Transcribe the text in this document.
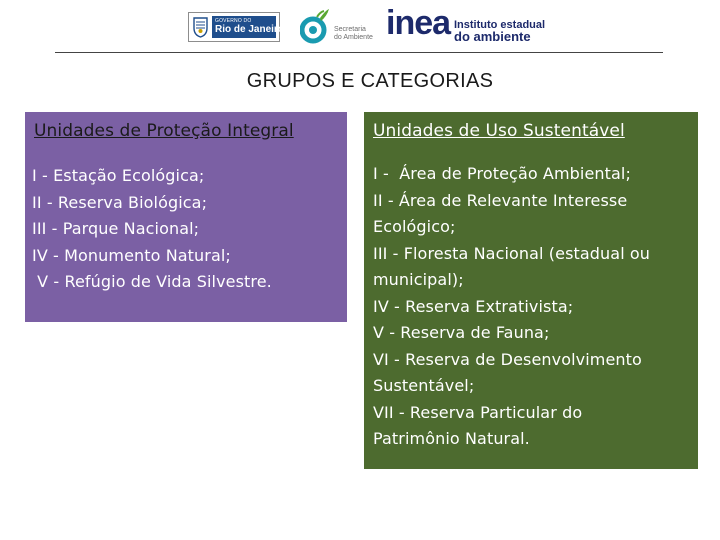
GOVERNO DO
Rio de Janeiro	Secretaria
do Ambiente inea Instituto estadual
do ambiente
GRUPOS E CATEGORIAS
Unidades de Proteção Integral
I - Estação Ecológica;
II - Reserva Biológica;
III - Parque Nacional;
IV - Monumento Natural;
V - Refúgio de Vida Silvestre.
Unidades de Uso Sustentável
I -  Área de Proteção Ambiental;
II - Área de Relevante Interesse
Ecológico;
III - Floresta Nacional (estadual ou
municipal);
IV - Reserva Extrativista;
V - Reserva de Fauna;
VI - Reserva de Desenvolvimento
Sustentável;
VII - Reserva Particular do
Patrimônio Natural.
